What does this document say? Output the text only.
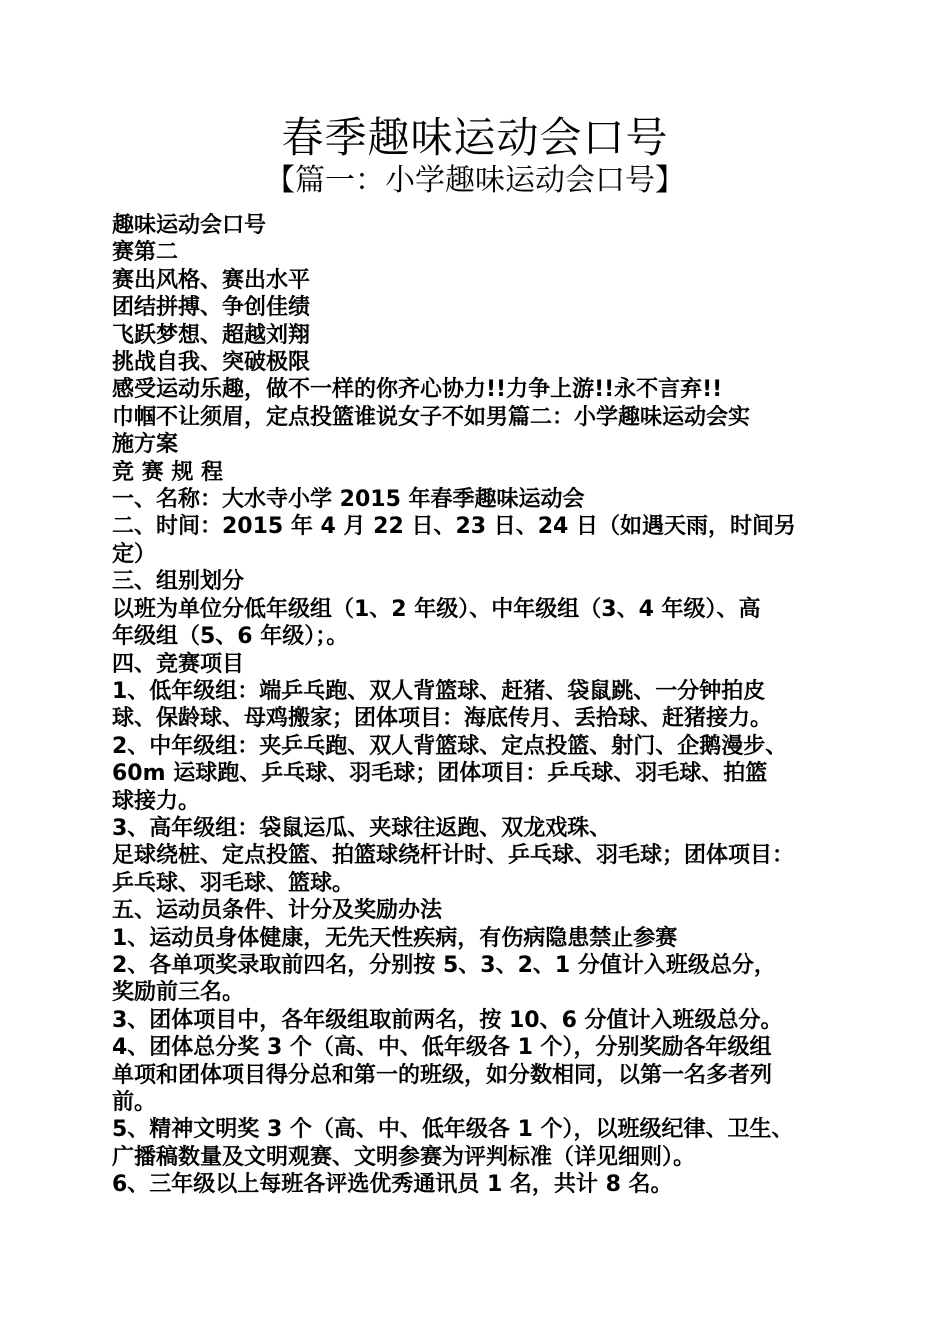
春季趣味运动会口号
【篇一：小学趣味运动会口号】
趣味运动会口号
赛第二
赛出风格、赛出水平
团结拼搏、争创佳绩
飞跃梦想、超越刘翔
挑战自我、突破极限
感受运动乐趣，做不一样的你齐心协力!!力争上游!!永不言弃!!
巾帼不让须眉，定点投篮谁说女子不如男篇二：小学趣味运动会实
施方案
竞 赛 规 程
一、名称：大水寺小学 2015 年春季趣味运动会
二、时间：2015 年 4 月 22 日、23 日、24 日（如遇天雨，时间另
定）
三、组别划分
以班为单位分低年级组（1、2 年级）、中年级组（3、4 年级）、高
年级组（5、6 年级）；。
四、竞赛项目
1、低年级组：端乒乓跑、双人背篮球、赶猪、袋鼠跳、一分钟拍皮
球、保龄球、母鸡搬家；团体项目：海底传月、丢拾球、赶猪接力。
2、中年级组：夹乒乓跑、双人背篮球、定点投篮、射门、企鹅漫步、
60m 运球跑、乒乓球、羽毛球；团体项目：乒乓球、羽毛球、拍篮
球接力。
3、高年级组：袋鼠运瓜、夹球往返跑、双龙戏珠、
足球绕桩、定点投篮、拍篮球绕杆计时、乒乓球、羽毛球；团体项目：
乒乓球、羽毛球、篮球。
五、运动员条件、计分及奖励办法
1、运动员身体健康，无先天性疾病，有伤病隐患禁止参赛
2、各单项奖录取前四名，分别按 5、3、2、1 分值计入班级总分，
奖励前三名。
3、团体项目中，各年级组取前两名，按 10、6 分值计入班级总分。
4、团体总分奖 3 个（高、中、低年级各 1 个），分别奖励各年级组
单项和团体项目得分总和第一的班级，如分数相同，以第一名多者列
前。
5、精神文明奖 3 个（高、中、低年级各 1 个），以班级纪律、卫生、
广播稿数量及文明观赛、文明参赛为评判标准（详见细则）。
6、三年级以上每班各评选优秀通讯员 1 名，共计 8 名。
